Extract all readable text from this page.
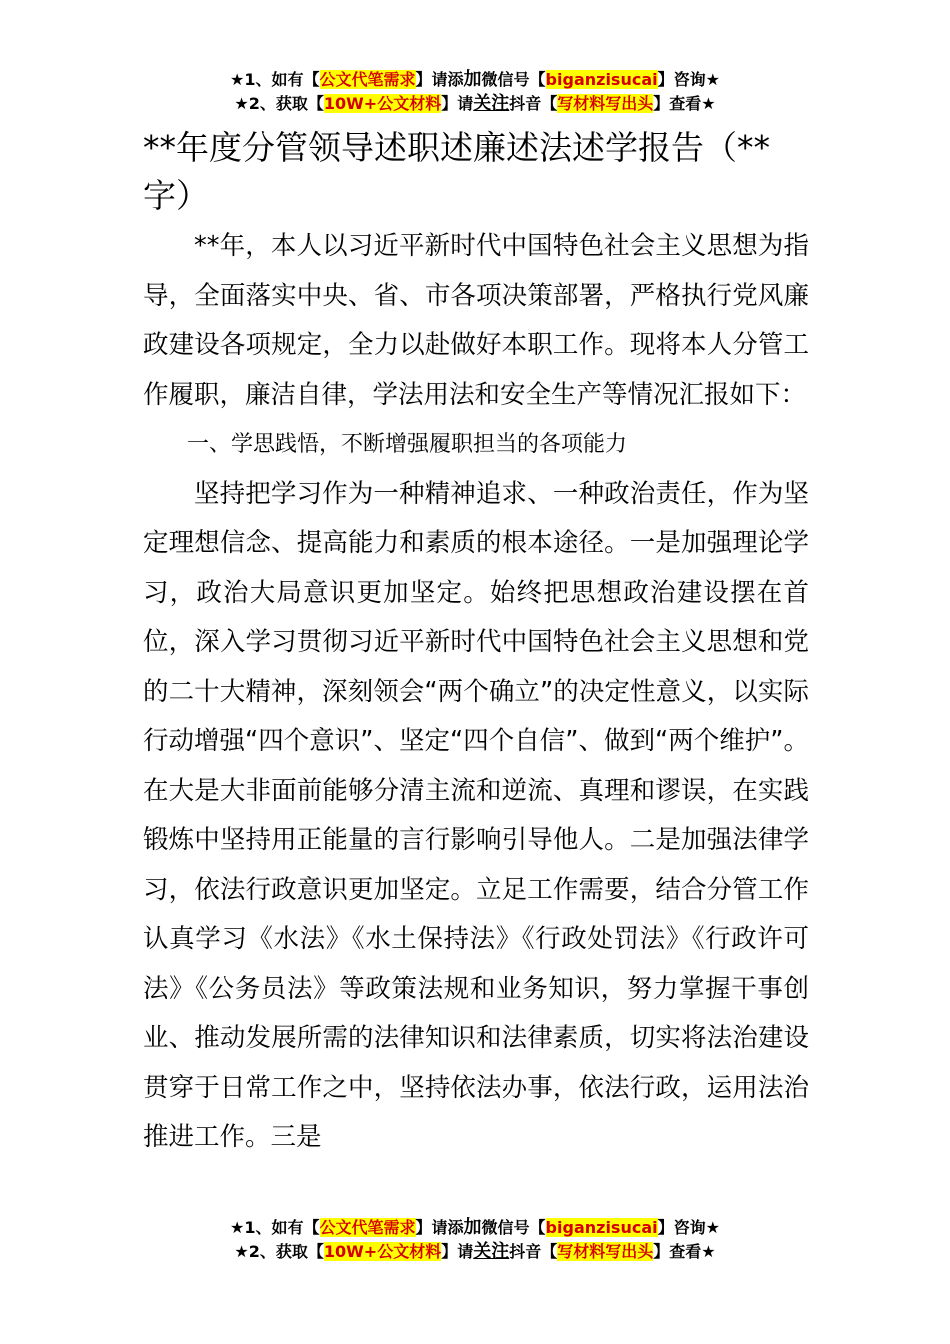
★1、如有【公文代笔需求】请添加微信号【biganzisucai】咨询★
★2、获取【10W+公文材料】请关注抖音【写材料写出头】查看★
**年度分管领导述职述廉述法述学报告（**字）

**年，本人以习近平新时代中国特色社会主义思想为指导，全面落实中央、省、市各项决策部署，严格执行党风廉政建设各项规定，全力以赴做好本职工作。现将本人分管工作履职，廉洁自律，学法用法和安全生产等情况汇报如下：

一、学思践悟，不断增强履职担当的各项能力

坚持把学习作为一种精神追求、一种政治责任，作为坚定理想信念、提高能力和素质的根本途径。一是加强理论学习，政治大局意识更加坚定。始终把思想政治建设摆在首位，深入学习贯彻习近平新时代中国特色社会主义思想和党的二十大精神，深刻领会“两个确立”的决定性意义，以实际行动增强“四个意识”、坚定“四个自信”、做到“两个维护”。在大是大非面前能够分清主流和逆流、真理和谬误，在实践锻炼中坚持用正能量的言行影响引导他人。二是加强法律学习，依法行政意识更加坚定。立足工作需要，结合分管工作认真学习《水法》《水土保持法》《行政处罚法》《行政许可法》《公务员法》等政策法规和业务知识，努力掌握干事创业、推动发展所需的法律知识和法律素质，切实将法治建设贯穿于日常工作之中，坚持依法办事，依法行政，运用法治推进工作。三是

★1、如有【公文代笔需求】请添加微信号【biganzisucai】咨询★
★2、获取【10W+公文材料】请关注抖音【写材料写出头】查看★
